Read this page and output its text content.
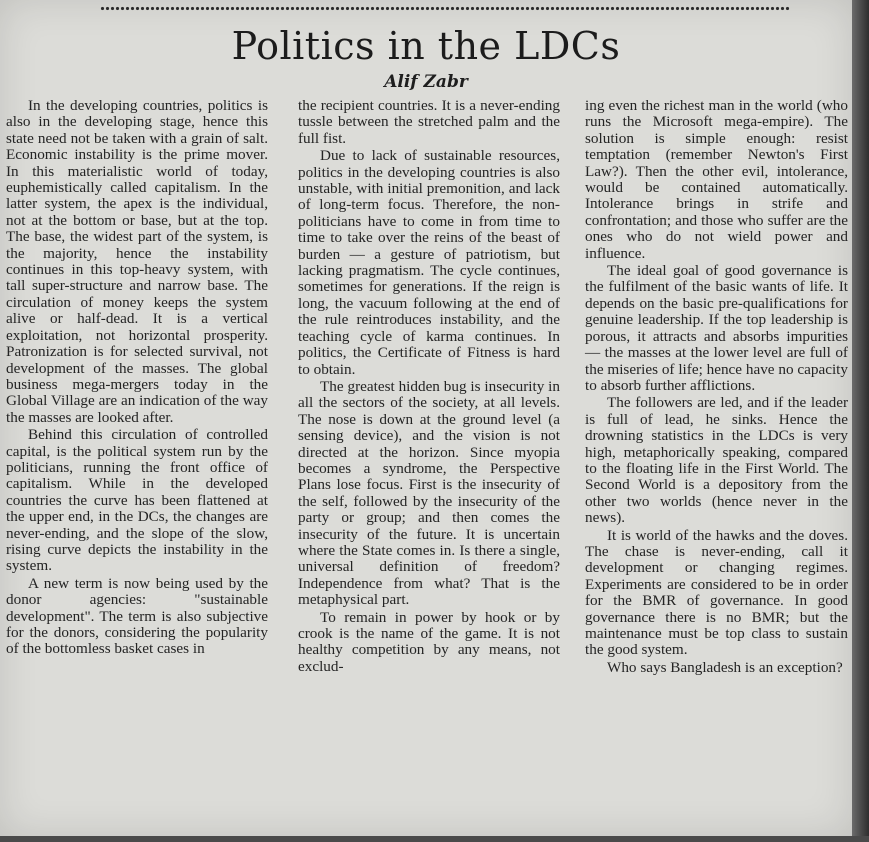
Politics in the LDCs
Alif Zabr

In the developing countries, politics is also in the developing stage, hence this state need not be taken with a grain of salt. Economic instability is the prime mover. In this materialistic world of today, euphemistically called capitalism. In the latter system, the apex is the individual, not at the bottom or base, but at the top. The base, the widest part of the system, is the majority, hence the instability continues in this top-heavy system, with tall super-structure and narrow base. The circulation of money keeps the system alive or half-dead. It is a vertical exploitation, not horizontal prosperity. Patronization is for selected survival, not development of the masses. The global business mega-mergers today in the Global Village are an indication of the way the masses are looked after.

Behind this circulation of controlled capital, is the political system run by the politicians, running the front office of capitalism. While in the developed countries the curve has been flattened at the upper end, in the DCs, the changes are never-ending, and the slope of the slow, rising curve depicts the instability in the system.

A new term is now being used by the donor agencies: "sustainable development". The term is also subjective for the donors, considering the popularity of the bottomless basket cases in

the recipient countries. It is a never-ending tussle between the stretched palm and the full fist.

Due to lack of sustainable resources, politics in the developing countries is also unstable, with initial premonition, and lack of long-term focus. Therefore, the non-politicians have to come in from time to time to take over the reins of the beast of burden — a gesture of patriotism, but lacking pragmatism. The cycle continues, sometimes for generations. If the reign is long, the vacuum following at the end of the rule reintroduces instability, and the teaching cycle of karma continues. In politics, the Certificate of Fitness is hard to obtain.

The greatest hidden bug is insecurity in all the sectors of the society, at all levels. The nose is down at the ground level (a sensing device), and the vision is not directed at the horizon. Since myopia becomes a syndrome, the Perspective Plans lose focus. First is the insecurity of the self, followed by the insecurity of the party or group; and then comes the insecurity of the future. It is uncertain where the State comes in. Is there a single, universal definition of freedom? Independence from what? That is the metaphysical part.

To remain in power by hook or by crook is the name of the game. It is not healthy competition by any means, not exclud-

ing even the richest man in the world (who runs the Microsoft mega-empire). The solution is simple enough: resist temptation (remember Newton's First Law?). Then the other evil, intolerance, would be contained automatically. Intolerance brings in strife and confrontation; and those who suffer are the ones who do not wield power and influence.

The ideal goal of good governance is the fulfilment of the basic wants of life. It depends on the basic pre-qualifications for genuine leadership. If the top leadership is porous, it attracts and absorbs impurities — the masses at the lower level are full of the miseries of life; hence have no capacity to absorb further afflictions.

The followers are led, and if the leader is full of lead, he sinks. Hence the drowning statistics in the LDCs is very high, metaphorically speaking, compared to the floating life in the First World. The Second World is a depository from the other two worlds (hence never in the news).

It is world of the hawks and the doves. The chase is never-ending, call it development or changing regimes. Experiments are considered to be in order for the BMR of governance. In good governance there is no BMR; but the maintenance must be top class to sustain the good system.

Who says Bangladesh is an exception?
